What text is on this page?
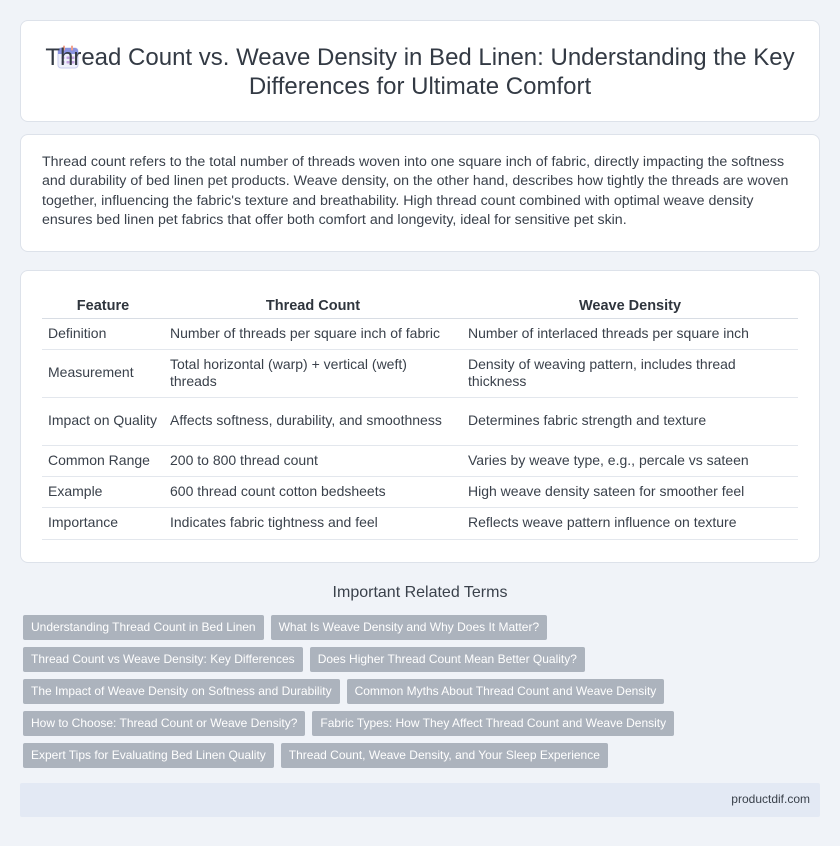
Thread Count vs. Weave Density in Bed Linen: Understanding the Key Differences for Ultimate Comfort

Thread count refers to the total number of threads woven into one square inch of fabric, directly impacting the softness and durability of bed linen pet products. Weave density, on the other hand, describes how tightly the threads are woven together, influencing the fabric's texture and breathability. High thread count combined with optimal weave density ensures bed linen pet fabrics that offer both comfort and longevity, ideal for sensitive pet skin.

Feature	Thread Count	Weave Density
Definition	Number of threads per square inch of fabric	Number of interlaced threads per square inch
Measurement	Total horizontal (warp) + vertical (weft) threads	Density of weaving pattern, includes thread thickness
Impact on Quality	Affects softness, durability, and smoothness	Determines fabric strength and texture
Common Range	200 to 800 thread count	Varies by weave type, e.g., percale vs sateen
Example	600 thread count cotton bedsheets	High weave density sateen for smoother feel
Importance	Indicates fabric tightness and feel	Reflects weave pattern influence on texture
Important Related Terms
Understanding Thread Count in Bed Linen	What Is Weave Density and Why Does It Matter?
Thread Count vs Weave Density: Key Differences	Does Higher Thread Count Mean Better Quality?
The Impact of Weave Density on Softness and Durability	Common Myths About Thread Count and Weave Density
How to Choose: Thread Count or Weave Density?	Fabric Types: How They Affect Thread Count and Weave Density
Expert Tips for Evaluating Bed Linen Quality	Thread Count, Weave Density, and Your Sleep Experience
productdif.com
